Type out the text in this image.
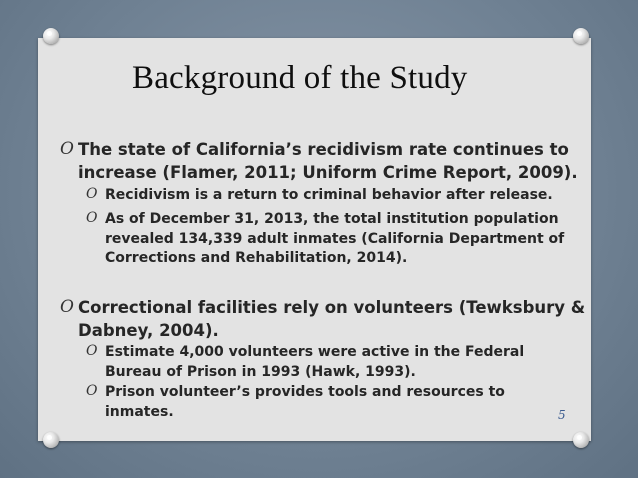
Background of the Study
O The state of California’s recidivism rate continues to increase (Flamer, 2011; Uniform Crime Report, 2009).
O Recidivism is a return to criminal behavior after release.
O As of December 31, 2013, the total institution population revealed 134,339 adult inmates (California Department of Corrections and Rehabilitation, 2014).
O Correctional facilities rely on volunteers (Tewksbury & Dabney, 2004).
O Estimate 4,000 volunteers were active in the Federal Bureau of Prison in 1993 (Hawk, 1993).
O Prison volunteer’s provides tools and resources to inmates.	5
